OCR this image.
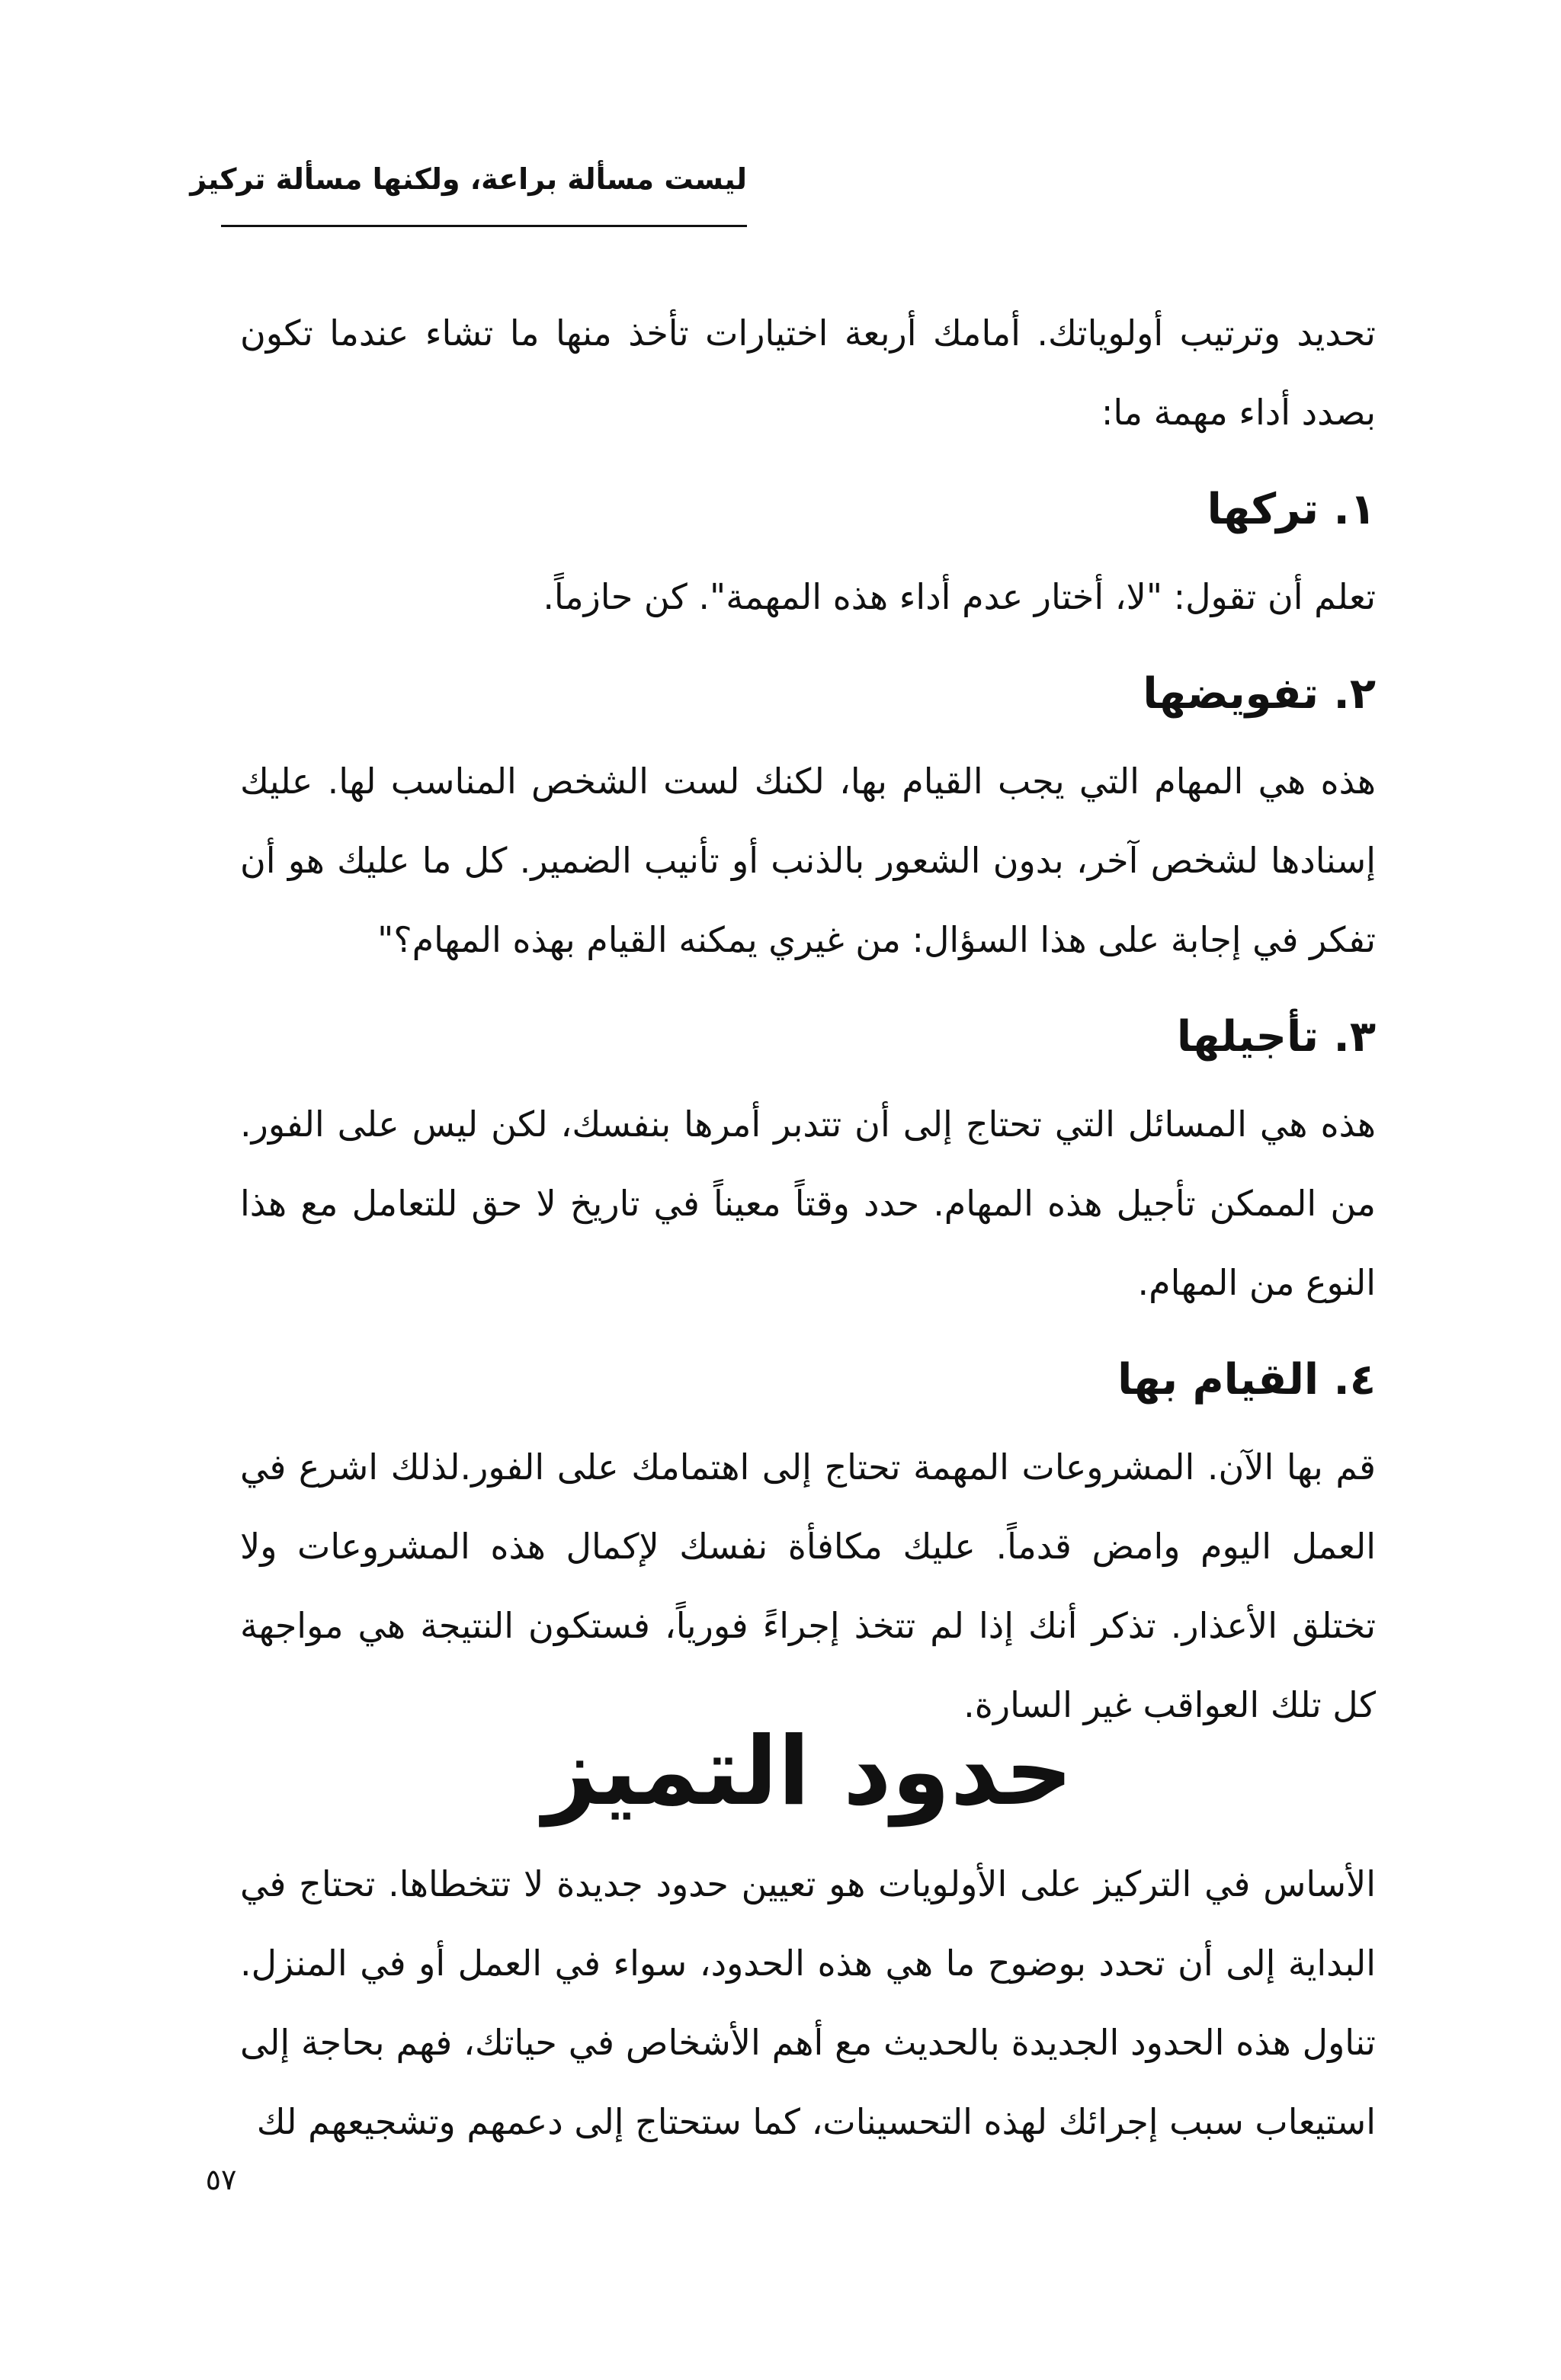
ليست مسألة براعة، ولكنها مسألة تركيز

تحديد وترتيب أولوياتك. أمامك أربعة اختيارات تأخذ منها ما تشاء عندما تكون بصدد أداء مهمة ما:

١. تركها

تعلم أن تقول: "لا، أختار عدم أداء هذه المهمة". كن حازماً.

٢. تفويضها

هذه هي المهام التي يجب القيام بها، لكنك لست الشخص المناسب لها. عليك إسنادها لشخص آخر، بدون الشعور بالذنب أو تأنيب الضمير. كل ما عليك هو أن تفكر في إجابة على هذا السؤال: من غيري يمكنه القيام بهذه المهام؟"

٣. تأجيلها

هذه هي المسائل التي تحتاج إلى أن تتدبر أمرها بنفسك، لكن ليس على الفور. من الممكن تأجيل هذه المهام. حدد وقتاً معيناً في تاريخ لا حق للتعامل مع هذا النوع من المهام.

٤. القيام بها

قم بها الآن. المشروعات المهمة تحتاج إلى اهتمامك على الفور.لذلك اشرع في العمل اليوم وامض قدماً. عليك مكافأة نفسك لإكمال هذه المشروعات ولا تختلق الأعذار. تذكر أنك إذا لم تتخذ إجراءً فورياً، فستكون النتيجة هي مواجهة كل تلك العواقب غير السارة.

حدود التميز

الأساس في التركيز على الأولويات هو تعيين حدود جديدة لا تتخطاها. تحتاج في البداية إلى أن تحدد بوضوح ما هي هذه الحدود، سواء في العمل أو في المنزل. تناول هذه الحدود الجديدة بالحديث مع أهم الأشخاص في حياتك، فهم بحاجة إلى استيعاب سبب إجرائك لهذه التحسينات، كما ستحتاج إلى دعمهم وتشجيعهم لك

٥٧
